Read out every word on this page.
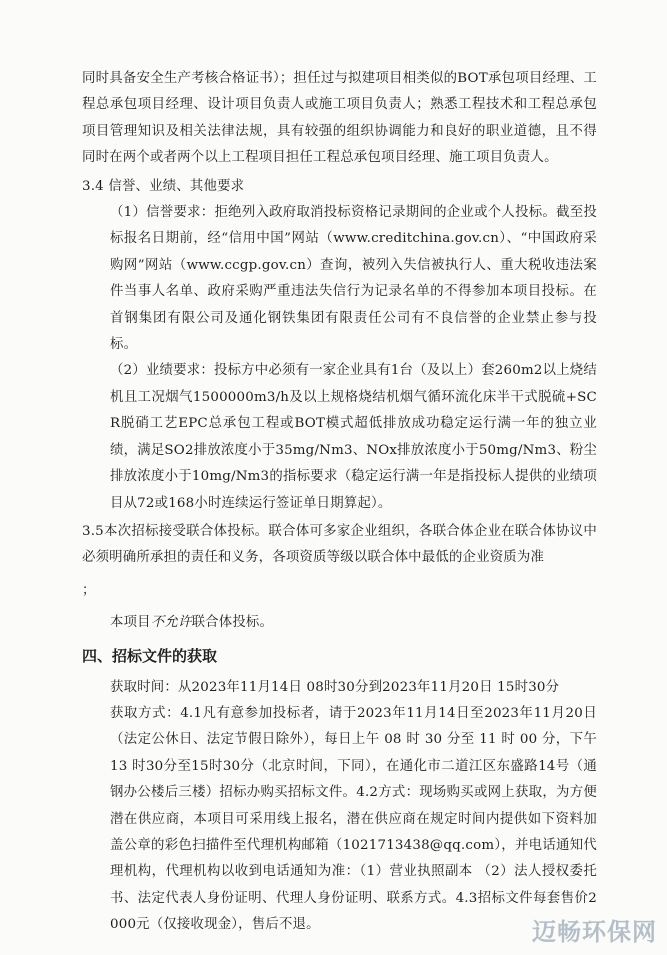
同时具备安全生产考核合格证书）；担任过与拟建项目相类似的BOT承包项目经理、工程总承包项目经理、设计项目负责人或施工项目负责人；熟悉工程技术和工程总承包项目管理知识及相关法律法规，具有较强的组织协调能力和良好的职业道德，且不得同时在两个或者两个以上工程项目担任工程总承包项目经理、施工项目负责人。

3.4 信誉、业绩、其他要求

（1）信誉要求：拒绝列入政府取消投标资格记录期间的企业或个人投标。截至投标报名日期前，经“信用中国”网站（www.creditchina.gov.cn）、“中国政府采购网”网站（www.ccgp.gov.cn）查询，被列入失信被执行人、重大税收违法案件当事人名单、政府采购严重违法失信行为记录名单的不得参加本项目投标。在首钢集团有限公司及通化钢铁集团有限责任公司有不良信誉的企业禁止参与投标。

（2）业绩要求：投标方中必须有一家企业具有1台（及以上）套260m2以上烧结机且工况烟气1500000m3/h及以上规格烧结机烟气循环流化床半干式脱硫+SCR脱硝工艺EPC总承包工程或BOT模式超低排放成功稳定运行满一年的独立业绩，满足SO2排放浓度小于35mg/Nm3、NOx排放浓度小于50mg/Nm3、粉尘排放浓度小于10mg/Nm3的指标要求（稳定运行满一年是指投标人提供的业绩项目从72或168小时连续运行签证单日期算起）。

3.5本次招标接受联合体投标。联合体可多家企业组织，各联合体企业在联合体协议中必须明确所承担的责任和义务，各项资质等级以联合体中最低的企业资质为准

；

本项目不允许联合体投标。

四、招标文件的获取

获取时间：从2023年11月14日 08时30分到2023年11月20日 15时30分

获取方式：4.1凡有意参加投标者，请于2023年11月14日至2023年11月20日（法定公休日、法定节假日除外），每日上午 08 时 30 分至 11 时 00 分，下午 13 时30分至15时30分（北京时间，下同），在通化市二道江区东盛路14号（通钢办公楼后三楼）招标办购买招标文件。4.2方式：现场购买或网上获取，为方便潜在供应商，本项目可采用线上报名，潜在供应商在规定时间内提供如下资料加盖公章的彩色扫描件至代理机构邮箱（1021713438@qq.com），并电话通知代理机构，代理机构以收到电话通知为准：（1）营业执照副本 （2）法人授权委托书、法定代表人身份证明、代理人身份证明、联系方式。4.3招标文件每套售价2000元（仅接收现金），售后不退。	迈畅环保网
